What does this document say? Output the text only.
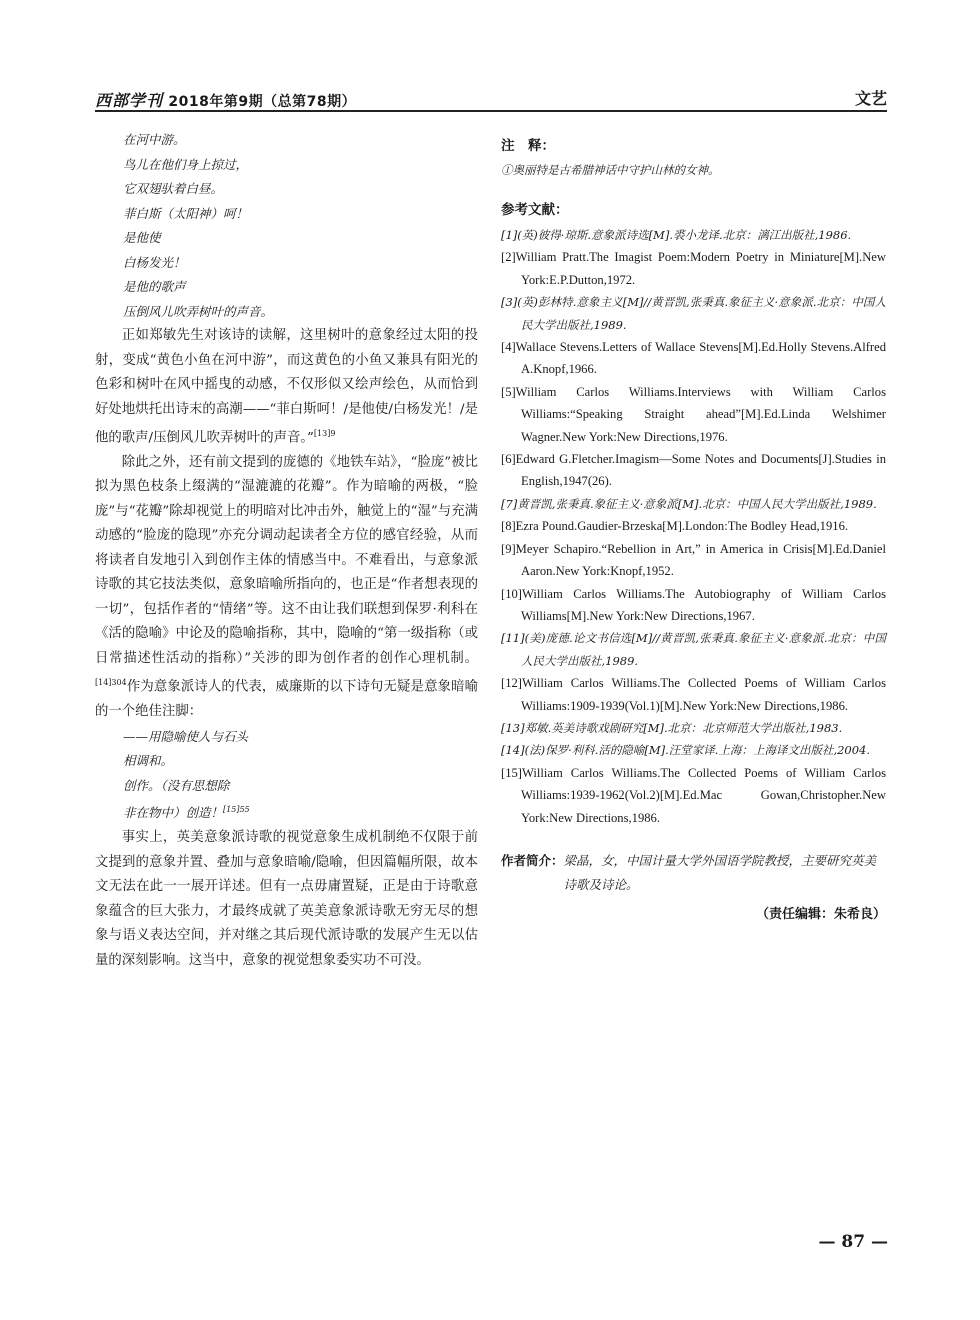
西部学刊 2018年第9期（总第78期）	文艺
在河中游。
鸟儿在他们身上掠过，
它双翅驮着白昼。
菲白斯（太阳神）呵！
是他使
白杨发光！
是他的歌声
压倒风儿吹弄树叶的声音。

正如郑敏先生对该诗的读解，这里树叶的意象经过太阳的投射，变成“黄色小鱼在河中游”，而这黄色的小鱼又兼具有阳光的色彩和树叶在风中摇曳的动感，不仅形似又绘声绘色，从而恰到好处地烘托出诗末的高潮——“菲白斯呵！/是他使/白杨发光！/是他的歌声/压倒风儿吹弄树叶的声音。”$^{[13]9}$

除此之外，还有前文提到的庞德的《地铁车站》，“脸庞”被比拟为黑色枝条上缀满的“湿漉漉的花瓣”。作为暗喻的两极，“脸庞”与“花瓣”除却视觉上的明暗对比冲击外，触觉上的“湿”与充满动感的“脸庞的隐现”亦充分调动起读者全方位的感官经验，从而将读者自发地引入到创作主体的情感当中。不难看出，与意象派诗歌的其它技法类似，意象暗喻所指向的，也正是“作者想表现的一切”，包括作者的“情绪”等。这不由让我们联想到保罗·利科在《活的隐喻》中论及的隐喻指称，其中，隐喻的“第一级指称（或日常描述性活动的指称）”关涉的即为创作者的创作心理机制。$^{[14]304}$作为意象派诗人的代表，威廉斯的以下诗句无疑是意象暗喻的一个绝佳注脚：

——用隐喻使人与石头
相调和。
创作。（没有思想除
非在物中）创造！$^{[15]55}$

事实上，英美意象派诗歌的视觉意象生成机制绝不仅限于前文提到的意象并置、叠加与意象暗喻/隐喻，但因篇幅所限，故本文无法在此一一展开详述。但有一点毋庸置疑，正是由于诗歌意象蕴含的巨大张力，才最终成就了英美意象派诗歌无穷无尽的想象与语义表达空间，并对继之其后现代派诗歌的发展产生无以估量的深刻影响。这当中，意象的视觉想象委实功不可没。

注　释：
①奥丽特是古希腊神话中守护山林的女神。
参考文献：

[1](英)彼得·琼斯.意象派诗选[M].裘小龙译.北京：漓江出版社,1986.

[2]William Pratt.The Imagist Poem:Modern Poetry in Miniature[M].New York:E.P.Dutton,1972.

[3](英)彭林特.意象主义[M]//黄晋凯,张秉真.象征主义·意象派.北京：中国人民大学出版社,1989.

[4]Wallace Stevens.Letters of Wallace Stevens[M].Ed.Holly Stevens.Alfred A.Knopf,1966.

[5]William Carlos Williams.Interviews with William Carlos Williams:“Speaking Straight ahead”[M].Ed.Linda Welshimer Wagner.New York:New Directions,1976.

[6]Edward G.Fletcher.Imagism—Some Notes and Documents[J].Studies in English,1947(26).

[7]黄晋凯,张秉真.象征主义·意象派[M].北京：中国人民大学出版社,1989.

[8]Ezra Pound.Gaudier-Brzeska[M].London:The Bodley Head,1916.

[9]Meyer Schapiro.“Rebellion in Art,” in America in Crisis[M].Ed.Daniel Aaron.New York:Knopf,1952.

[10]William Carlos Williams.The Autobiography of William Carlos Williams[M].New York:New Directions,1967.

[11](美)庞德.论文书信选[M]//黄晋凯,张秉真.象征主义·意象派.北京：中国人民大学出版社,1989.

[12]William Carlos Williams.The Collected Poems of William Carlos Williams:1909-1939(Vol.1)[M].New York:New Directions,1986.

[13]郑敏.英美诗歌戏剧研究[M].北京：北京师范大学出版社,1983.

[14](法)保罗·利科.活的隐喻[M].汪堂家译.上海：上海译文出版社,2004.

[15]William Carlos Williams.The Collected Poems of William Carlos Williams:1939-1962(Vol.2)[M].Ed.Mac Gowan,Christopher.New York:New Directions,1986.

作者简介： 梁晶，女，中国计量大学外国语学院教授，主要研究英美诗歌及诗论。
（责任编辑：朱希良）
— 87 —
